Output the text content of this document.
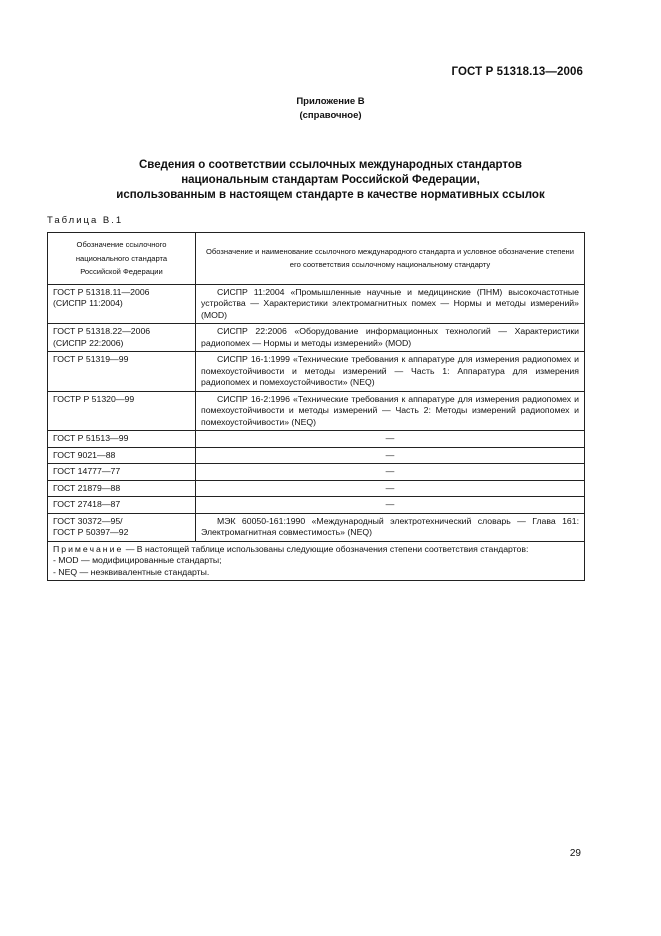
ГОСТ Р 51318.13—2006
Приложение В
(справочное)
Сведения о соответствии ссылочных международных стандартов
национальным стандартам Российской Федерации,
использованным в настоящем стандарте в качестве нормативных ссылок
Таблица В.1
Обозначение ссылочного национального стандарта Российской Федерации	Обозначение и наименование ссылочного международного стандарта и условное обозначение степени его соответствия ссылочному национальному стандарту

ГОСТ Р 51318.11—2006
(СИСПР 11:2004)	СИСПР 11:2004 «Промышленные научные и медицинские (ПНМ) высокочастотные устройства — Характеристики электромагнитных помех — Нормы и методы измерений» (MOD)

ГОСТ Р 51318.22—2006
(СИСПР 22:2006)	СИСПР 22:2006 «Оборудование информационных технологий — Характеристики радиопомех — Нормы и методы измерений» (MOD)

ГОСТ Р 51319—99	СИСПР 16-1:1999 «Технические требования к аппаратуре для измерения радиопомех и помехоустойчивости и методы измерений — Часть 1: Аппаратура для измерения радиопомех и помехоустойчивости» (NEQ)

ГОСТР Р 51320—99	СИСПР 16-2:1996 «Технические требования к аппаратуре для измерения радиопомех и помехоустойчивости и методы измерений — Часть 2: Методы измерений радиопомех и помехоустойчивости» (NEQ)

ГОСТ Р 51513—99	—

ГОСТ 9021—88	—

ГОСТ 14777—77	—

ГОСТ 21879—88	—

ГОСТ 27418—87	—

ГОСТ 30372—95/
ГОСТ Р 50397—92	МЭК 60050-161:1990 «Международный электротехнический словарь — Глава 161: Электромагнитная совместимость» (NEQ)

Примечание — В настоящей таблице использованы следующие обозначения степени соответствия стандартов:
- MOD — модифицированные стандарты;
- NEQ — неэквивалентные стандарты.	
29
